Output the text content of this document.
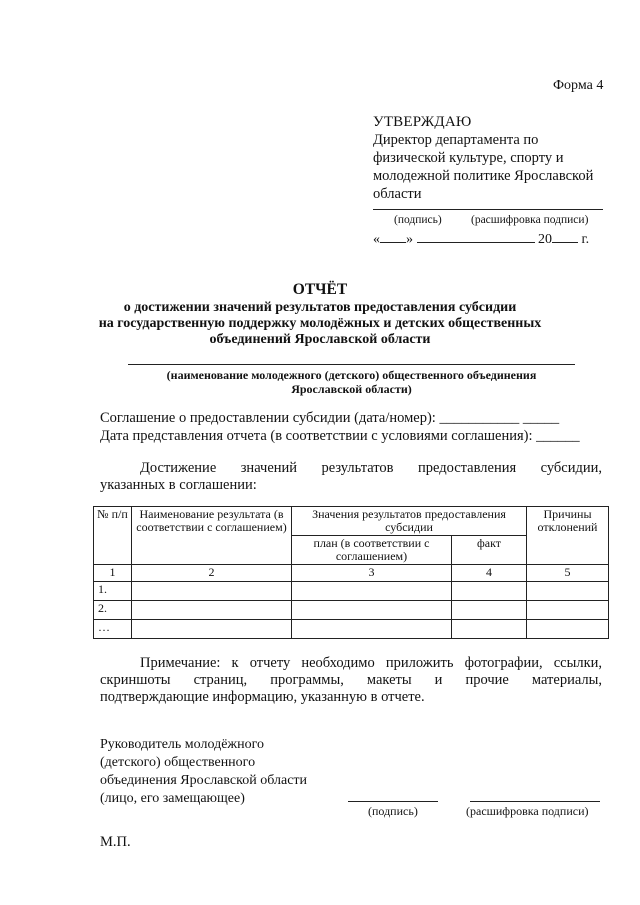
Форма 4
УТВЕРЖДАЮ
Директор департамента по
физической культуре, спорту и
молодежной политике Ярославской
области
(подпись)	(расшифровка подписи)
« »	20 г.
ОТЧЁТ
о достижении значений результатов предоставления субсидии
на государственную поддержку молодёжных и детских общественных
объединений Ярославской области
(наименование молодежного (детского) общественного объединения
Ярославской области)
Соглашение о предоставлении субсидии (дата/номер): ___________ _____
Дата представления отчета (в соответствии с условиями соглашения): ______

Достижение значений результатов предоставления субсидии,

указанных в соглашении:

№ п/п	Наименование результата (в соответствии с соглашением)	Значения результатов предоставления субсидии		Причины отклонений
		план (в соответствии с соглашением)	факт	
1	2	3	4	5
1.				
2.				
…				

Примечание: к отчету необходимо приложить фотографии, ссылки,

скриншоты страниц, программы, макеты и прочие материалы,

подтверждающие информацию, указанную в отчете.

Руководитель молодёжного
(детского) общественного
объединения Ярославской области
(лицо, его замещающее)
(подпись)	(расшифровка подписи)
М.П.
